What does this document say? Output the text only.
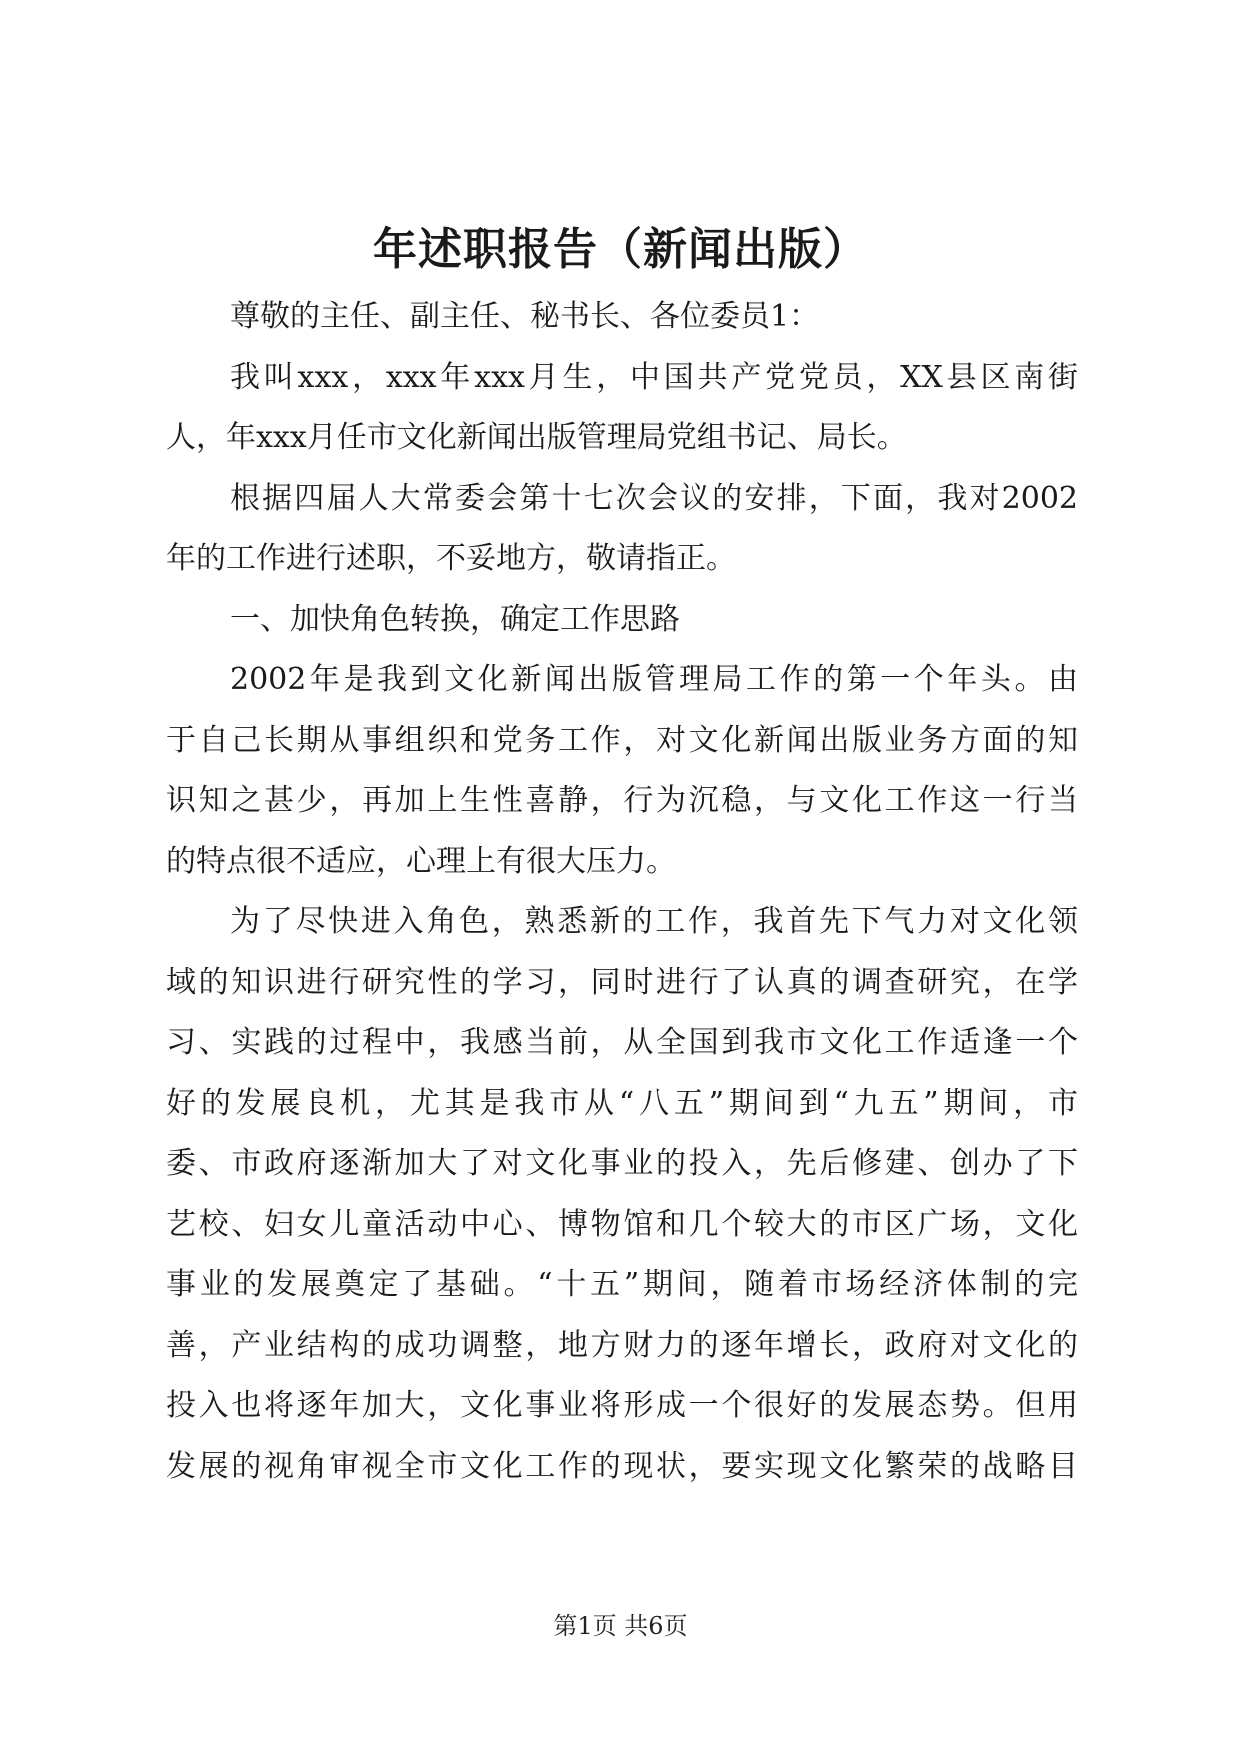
年述职报告（新闻出版）
尊敬的主任、副主任、秘书长、各位委员1：
我叫xxx，xxx年xxx月生，中国共产党党员，XX县区南街
人，年xxx月任市文化新闻出版管理局党组书记、局长。
根据四届人大常委会第十七次会议的安排，下面，我对2002
年的工作进行述职，不妥地方，敬请指正。
一、加快角色转换，确定工作思路
2002年是我到文化新闻出版管理局工作的第一个年头。由
于自己长期从事组织和党务工作，对文化新闻出版业务方面的知
识知之甚少，再加上生性喜静，行为沉稳，与文化工作这一行当
的特点很不适应，心理上有很大压力。
为了尽快进入角色，熟悉新的工作，我首先下气力对文化领
域的知识进行研究性的学习，同时进行了认真的调查研究，在学
习、实践的过程中，我感当前，从全国到我市文化工作适逢一个
好的发展良机，尤其是我市从“八五”期间到“九五”期间，市
委、市政府逐渐加大了对文化事业的投入，先后修建、创办了下
艺校、妇女儿童活动中心、博物馆和几个较大的市区广场，文化
事业的发展奠定了基础。“十五”期间，随着市场经济体制的完
善，产业结构的成功调整，地方财力的逐年增长，政府对文化的
投入也将逐年加大，文化事业将形成一个很好的发展态势。但用
发展的视角审视全市文化工作的现状，要实现文化繁荣的战略目
第1页 共6页
